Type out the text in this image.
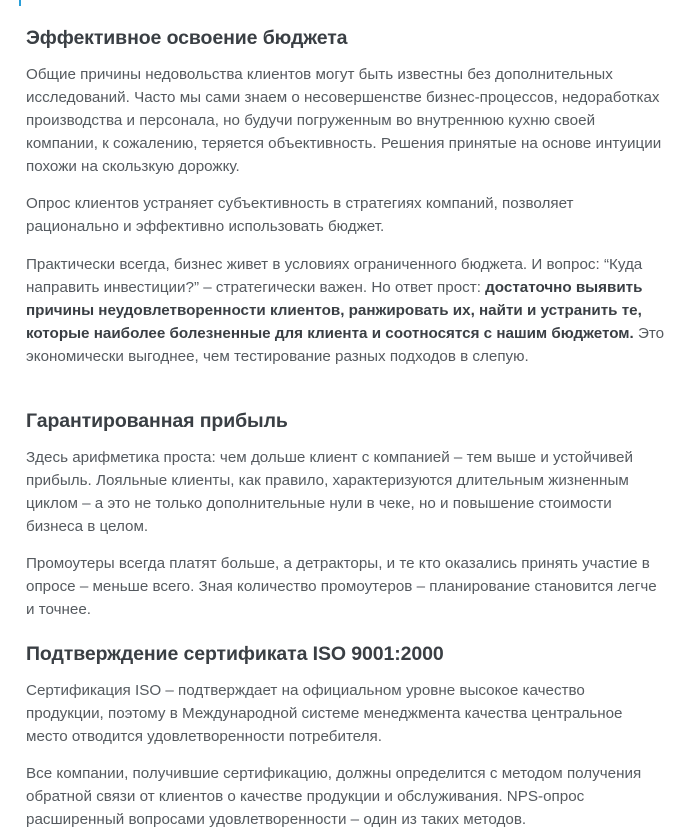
Эффективное освоение бюджета

Общие причины недовольства клиентов могут быть известны без дополнительных исследований. Часто мы сами знаем о несовершенстве бизнес-процессов, недоработках производства и персонала, но будучи погруженным во внутреннюю кухню своей компании, к сожалению, теряется объективность. Решения принятые на основе интуиции похожи на скользкую дорожку.

Опрос клиентов устраняет субъективность в стратегиях компаний, позволяет рационально и эффективно использовать бюджет.

Практически всегда, бизнес живет в условиях ограниченного бюджета. И вопрос: “Куда направить инвестиции?” – стратегически важен. Но ответ прост: достаточно выявить причины неудовлетворенности клиентов, ранжировать их, найти и устранить те, которые наиболее болезненные для клиента и соотносятся с нашим бюджетом. Это экономически выгоднее, чем тестирование разных подходов в слепую.

Гарантированная прибыль

Здесь арифметика проста: чем дольше клиент с компанией – тем выше и устойчивей прибыль. Лояльные клиенты, как правило, характеризуются длительным жизненным циклом – а это не только дополнительные нули в чеке, но и повышение стоимости бизнеса в целом.

Промоутеры всегда платят больше, а детракторы, и те кто оказались принять участие в опросе – меньше всего. Зная количество промоутеров – планирование становится легче и точнее.

Подтверждение сертификата ISO 9001:2000

Сертификация ISO – подтверждает на официальном уровне высокое качество продукции, поэтому в Международной системе менеджмента качества центральное место отводится удовлетворенности потребителя.

Все компании, получившие сертификацию, должны определится с методом получения обратной связи от клиентов о качестве продукции и обслуживания. NPS-опрос расширенный вопросами удовлетворенности – один из таких методов.
